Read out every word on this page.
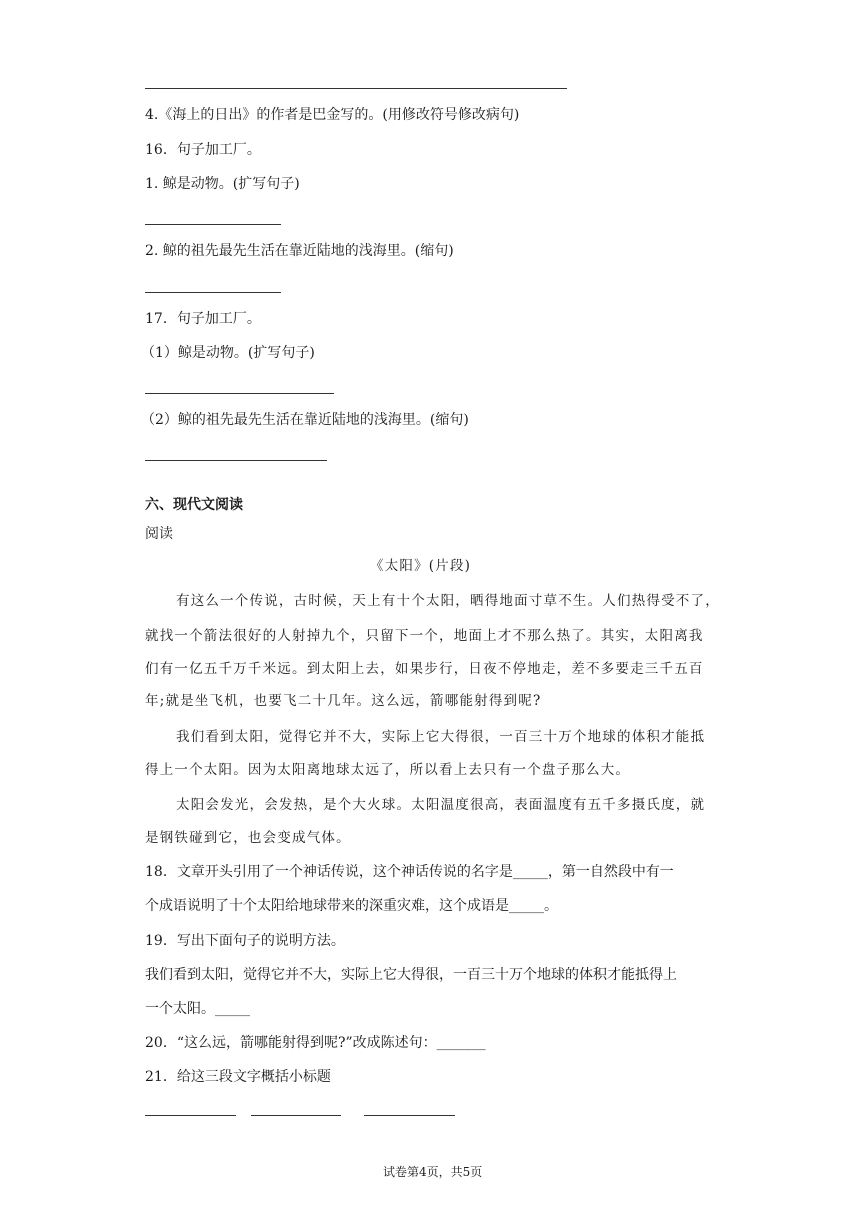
4.《海上的日出》的作者是巴金写的。(用修改符号修改病句)
16．句子加工厂。
1. 鲸是动物。(扩写句子)
2. 鲸的祖先最先生活在靠近陆地的浅海里。(缩句)
17．句子加工厂。
（1）鲸是动物。(扩写句子)
（2）鲸的祖先最先生活在靠近陆地的浅海里。(缩句)
六、现代文阅读
阅读
《太阳》(片段)
有这么一个传说，古时候，天上有十个太阳，晒得地面寸草不生。人们热得受不了，
就找一个箭法很好的人射掉九个，只留下一个，地面上才不那么热了。其实，太阳离我
们有一亿五千万千米远。到太阳上去，如果步行，日夜不停地走，差不多要走三千五百
年;就是坐飞机，也要飞二十几年。这么远，箭哪能射得到呢?
我们看到太阳，觉得它并不大，实际上它大得很，一百三十万个地球的体积才能抵
得上一个太阳。因为太阳离地球太远了，所以看上去只有一个盘子那么大。
太阳会发光，会发热，是个大火球。太阳温度很高，表面温度有五千多摄氏度，就
是钢铁碰到它，也会变成气体。
18．文章开头引用了一个神话传说，这个神话传说的名字是_____，第一自然段中有一
个成语说明了十个太阳给地球带来的深重灾难，这个成语是_____。
19．写出下面句子的说明方法。
我们看到太阳，觉得它并不大，实际上它大得很，一百三十万个地球的体积才能抵得上
一个太阳。_____
20．“这么远，箭哪能射得到呢?”改成陈述句：_______
21．给这三段文字概括小标题
试卷第4页，共5页
